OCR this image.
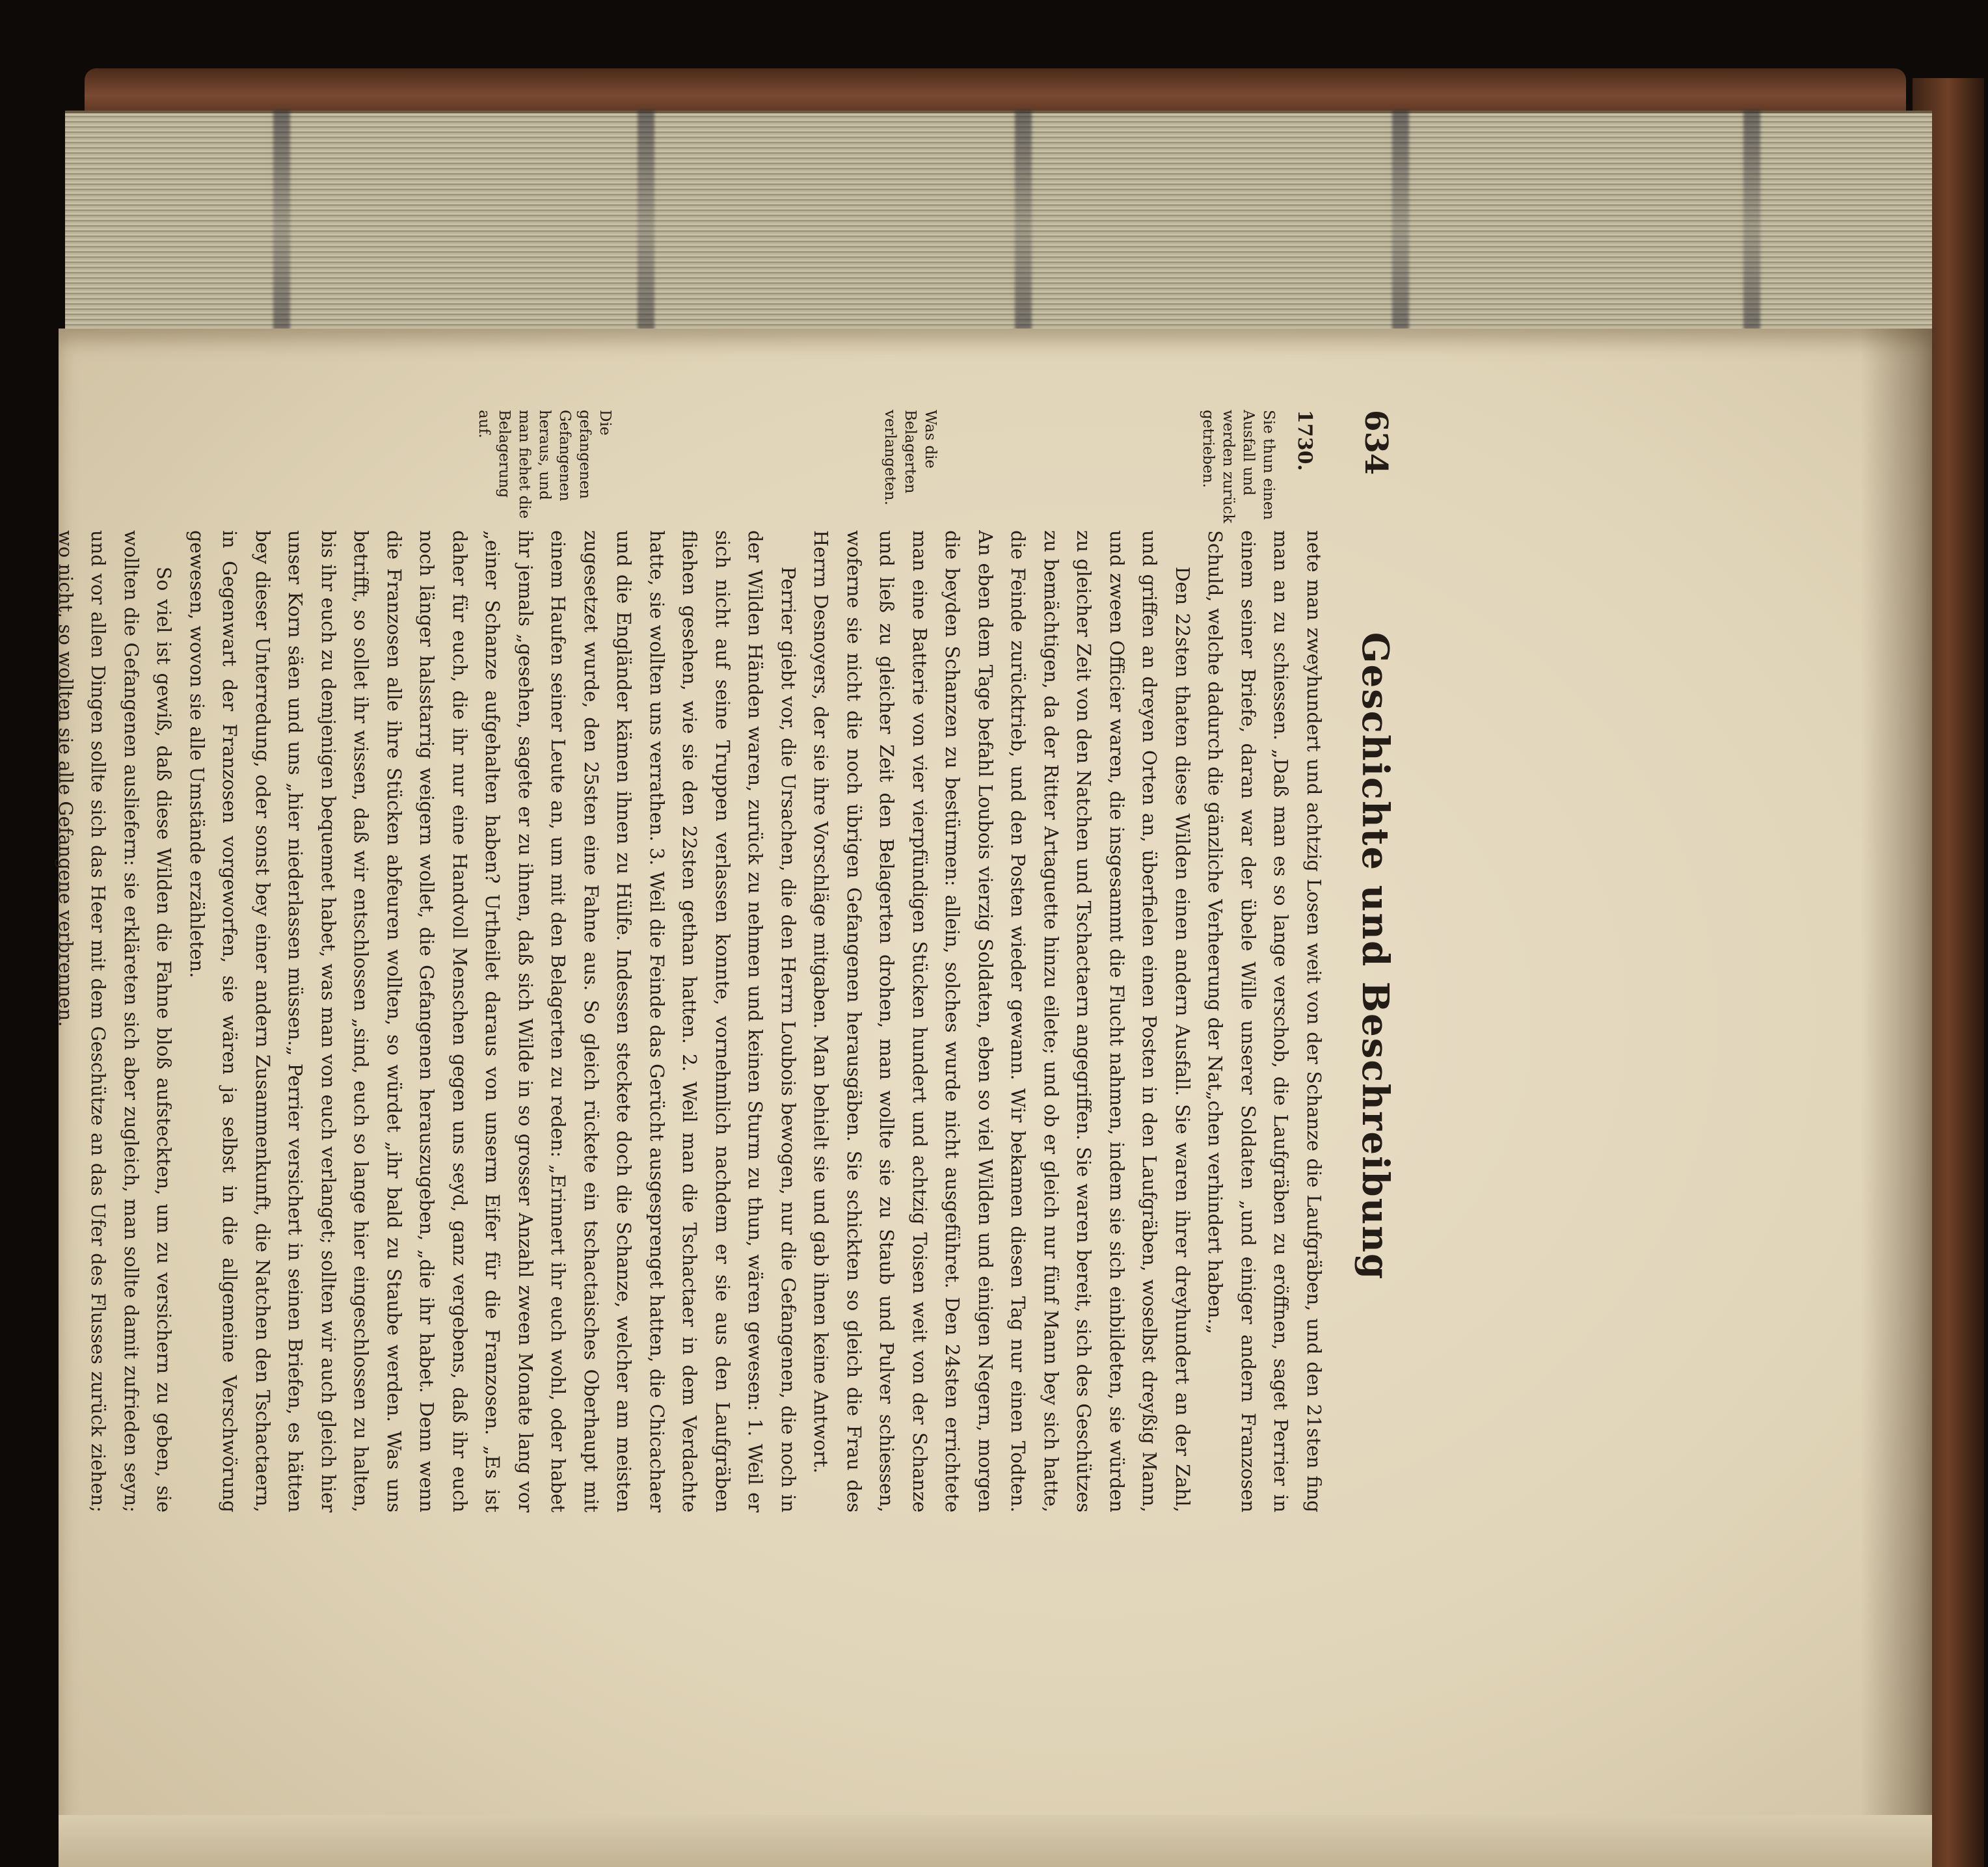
634
Geschichte und Beschreibung
1730.
Sie thun einen Ausfall und werden zurück getrieben.
Was die Belagerten verlangeten.
Die gefangenen Gefangenen heraus, und man fiehet die Belagerung auf.

nete man zweyhundert und achtzig Losen weit von der Schanze die Laufgräben, und den 21sten fing man an zu schiessen. „Daß man es so lange verschob, die Laufgräben zu eröffnen, saget Perrier in einem seiner Briefe, daran war der übele Wille unserer Soldaten „und einiger andern Franzosen Schuld, welche dadurch die gänzliche Verheerung der Nat„chen verhindert haben.„

Den 22sten thaten diese Wilden einen andern Ausfall. Sie waren ihrer dreyhundert an der Zahl, und griffen an dreyen Orten an, überfielen einen Posten in den Laufgräben, woselbst dreyßig Mann, und zween Officier waren, die insgesammt die Flucht nahmen, indem sie sich einbildeten, sie würden zu gleicher Zeit von den Natchen und Tschactaern angegriffen. Sie waren bereit, sich des Geschützes zu bemächtigen, da der Ritter Artaguette hinzu eilete; und ob er gleich nur fünf Mann bey sich hatte, die Feinde zurücktrieb, und den Posten wieder gewann. Wir bekamen diesen Tag nur einen Todten. An eben dem Tage befahl Loubois vierzig Soldaten, eben so viel Wilden und einigen Negern, morgen die beyden Schanzen zu bestürmen: allein, solches wurde nicht ausgeführet. Den 24sten errichtete man eine Batterie von vier vierpfündigen Stücken hundert und achtzig Toisen weit von der Schanze und ließ zu gleicher Zeit den Belagerten drohen, man wollte sie zu Staub und Pulver schiessen, woferne sie nicht die noch übrigen Gefangenen herausgäben. Sie schickten so gleich die Frau des Herrn Desnoyers, der sie ihre Vorschläge mitgaben. Man behielt sie und gab ihnen keine Antwort.

Perrier giebt vor, die Ursachen, die den Herrn Loubois bewogen, nur die Gefangenen, die noch in der Wilden Händen waren, zurück zu nehmen und keinen Sturm zu thun, wären gewesen: 1. Weil er sich nicht auf seine Truppen verlassen konnte, vornehmlich nachdem er sie aus den Laufgräben fliehen gesehen, wie sie den 22sten gethan hatten. 2. Weil man die Tschactaer in dem Verdachte hatte, sie wollten uns verrathen. 3. Weil die Feinde das Gerücht ausgesprenget hatten, die Chicachaer und die Engländer kämen ihnen zu Hülfe. Indessen steckete doch die Schanze, welcher am meisten zugesetzet wurde, den 25sten eine Fahne aus. So gleich rückete ein tschactaisches Oberhaupt mit einem Haufen seiner Leute an, um mit den Belagerten zu reden: „Erinnert ihr euch wohl, oder habet ihr jemals „gesehen, sagete er zu ihnen, daß sich Wilde in so grosser Anzahl zween Monate lang vor „einer Schanze aufgehalten haben? Urtheilet daraus von unserm Eifer für die Franzosen. „Es ist daher für euch, die ihr nur eine Handvoll Menschen gegen uns seyd, ganz vergebens, daß ihr euch noch länger halsstarrig weigern wollet, die Gefangenen herauszugeben, „die ihr habet. Denn wenn die Franzosen alle ihre Stücken abfeuren wollten, so würdet „ihr bald zu Staube werden. Was uns betrifft, so sollet ihr wissen, daß wir entschlossen „sind, euch so lange hier eingeschlossen zu halten, bis ihr euch zu demjenigen bequemet habet, was man von euch verlanget; sollten wir auch gleich hier unser Korn säen und uns „hier niederlassen müssen.„ Perrier versichert in seinen Briefen, es hätten bey dieser Unterredung, oder sonst bey einer andern Zusammenkunft, die Natchen den Tschactaern, in Gegenwart der Franzosen vorgeworfen, sie wären ja selbst in die allgemeine Verschwörung gewesen, wovon sie alle Umstände erzähleten.

So viel ist gewiß, daß diese Wilden die Fahne bloß aufsteckten, um zu versichern zu geben, sie wollten die Gefangenen ausliefern: sie erkläreten sich aber zugleich, man sollte damit zufrieden seyn; und vor allen Dingen sollte sich das Heer mit dem Geschütze an das Ufer des Flusses zurück ziehen; wo nicht, so wollten sie alle Gefangene verbrennen.
